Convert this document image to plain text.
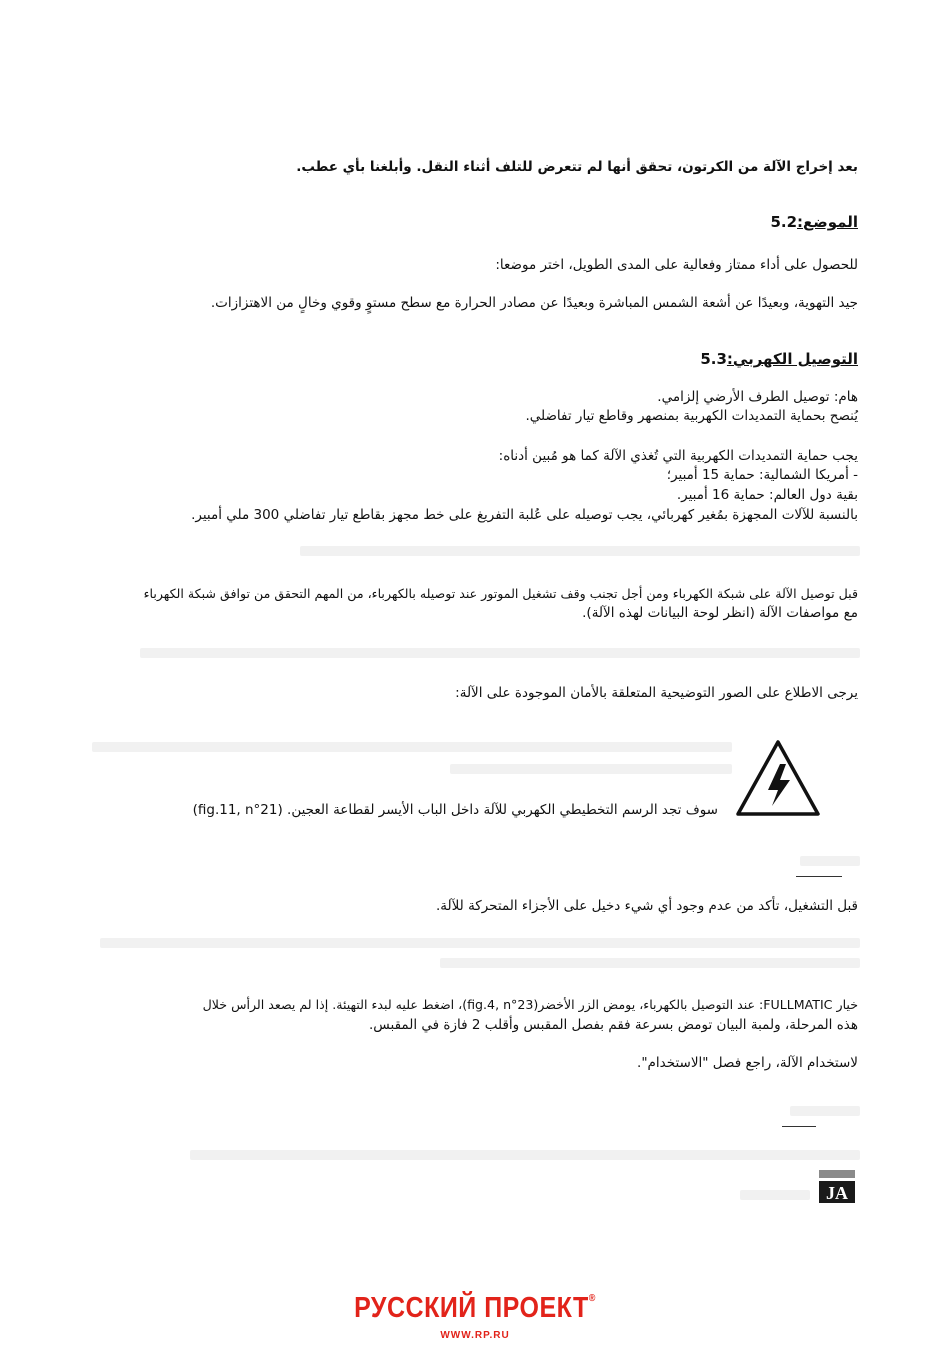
بعد إخراج الآلة من الكرتون، تحقق أنها لم تتعرض للتلف أثناء النقل. وأبلغنا بأي عطب.
الموضع:5.2
للحصول على أداء ممتاز وفعالية على المدى الطويل، اختر موضعا:
جيد التهوية، وبعيدًا عن أشعة الشمس المباشرة وبعيدًا عن مصادر الحرارة مع سطح مستوٍ وقوي وخالٍ من الاهتزازات.
التوصيل الكهربي:5.3
هام: توصيل الطرف الأرضي إلزامي.
يُنصح بحماية التمديدات الكهربية بمنصهر وقاطع تيار تفاضلي.
يجب حماية التمديدات الكهربية التي تُغذي الآلة كما هو مُبين أدناه:
- أمريكا الشمالية: حماية 15 أمبير؛
بقية دول العالم: حماية 16 أمبير.
بالنسبة للآلات المجهزة بمُغير كهربائي، يجب توصيله على عُلبة التفريغ على خط مجهز بقاطع تيار تفاضلي 300 ملي أمبير.
قبل توصيل الآلة على شبكة الكهرباء ومن أجل تجنب وقف تشغيل الموتور عند توصيله بالكهرباء، من المهم التحقق من توافق شبكة الكهرباء
مع مواصفات الآلة (انظر لوحة البيانات لهذه الآلة).
يرجى الاطلاع على الصور التوضيحية المتعلقة بالأمان الموجودة على الآلة:
سوف تجد الرسم التخطيطي الكهربي للآلة داخل الباب الأيسر لقطاعة العجين. (fig.11, n°21)
قبل التشغيل، تأكد من عدم وجود أي شيء دخيل على الأجزاء المتحركة للآلة.
خيار FULLMATIC: عند التوصيل بالكهرباء، يومض الزر الأخضر(fig.4, n°23)، اضغط عليه لبدء التهيئة. إذا لم يصعد الرأس خلال
هذه المرحلة، ولمبة البيان تومض بسرعة فقم بفصل المقبس وأقلب 2 فازة في المقبس.
لاستخدام الآلة، راجع فصل "الاستخدام".
JA
РУССКИЙ ПРОЕКТ®
WWW.RP.RU
